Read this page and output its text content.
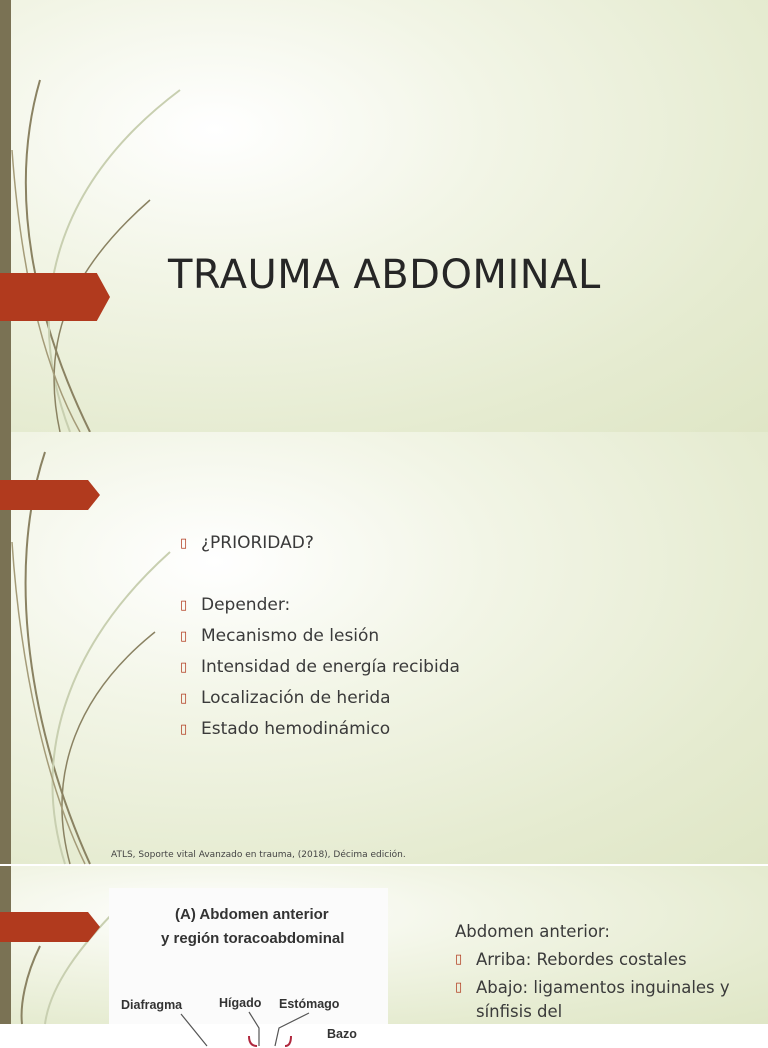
TRAUMA ABDOMINAL
▯ ¿PRIORIDAD?
▯ Depender:
▯ Mecanismo de lesión
▯ Intensidad de energía recibida
▯ Localización de herida
▯ Estado hemodinámico
ATLS, Soporte vital Avanzado en trauma, (2018), Décima edición.
(A) Abdomen anterior
y región toracoabdominal
Diafragma	Hígado Estómago
Bazo
Abdomen anterior:
▯ Arriba: Rebordes costales
▯ Abajo: ligamentos inguinales y sínfisis del
